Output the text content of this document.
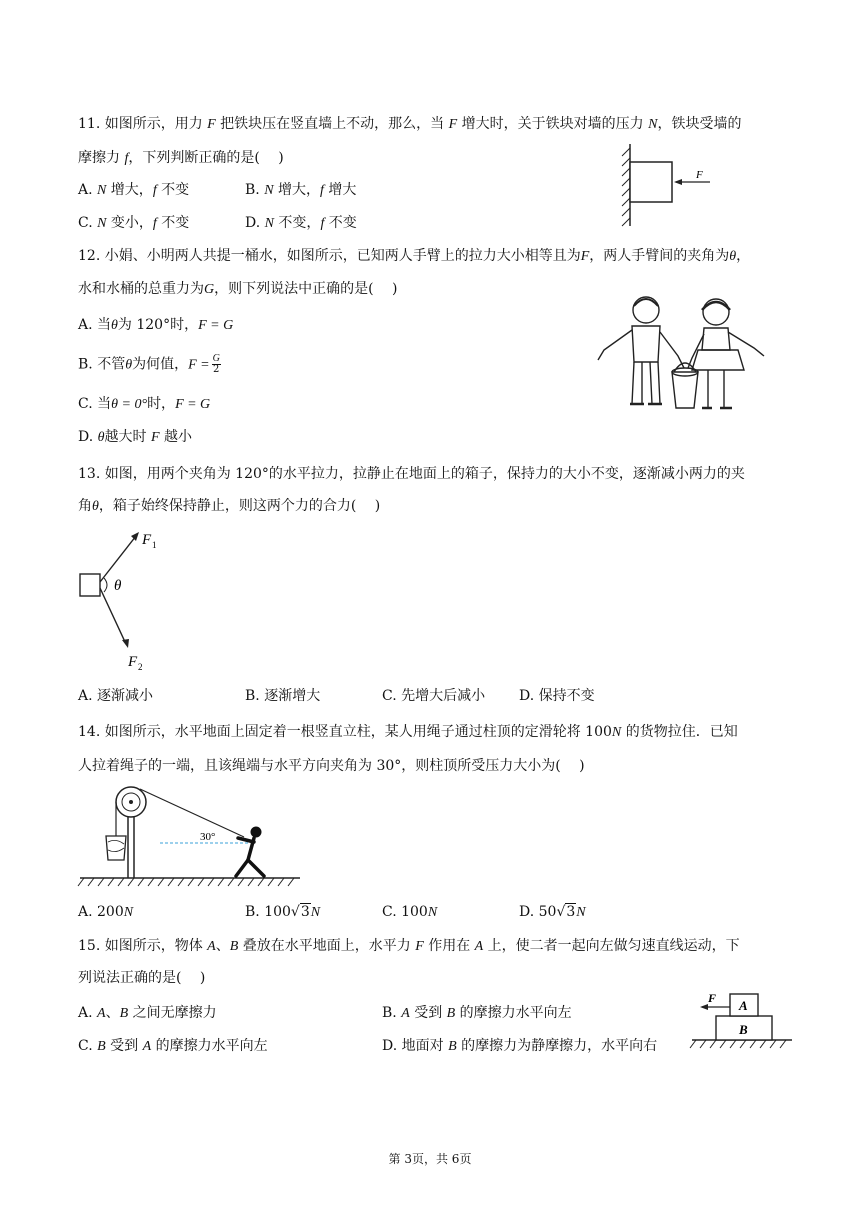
11. 如图所示，用力 F 把铁块压在竖直墙上不动，那么，当 F 增大时，关于铁块对墙的压力 N，铁块受墙的
摩擦力 f，下列判断正确的是(　 )
A. N 增大，f 不变	B. N 增大，f 增大
C. N 变小，f 不变	D. N 不变，f 不变
F
12. 小娟、小明两人共提一桶水，如图所示，已知两人手臂上的拉力大小相等且为F，两人手臂间的夹角为θ，
水和水桶的总重力为G，则下列说法中正确的是(　 )
A. 当θ为 120°时，F = G
B. 不管θ为何值，$F = \frac{G}{2}$
C. 当θ = 0°时，F = G
D. θ越大时 F 越小
13. 如图，用两个夹角为 120°的水平拉力，拉静止在地面上的箱子，保持力的大小不变，逐渐减小两力的夹
角θ，箱子始终保持静止，则这两个力的合力(　 )
θ
F 1
F 2
A. 逐渐减小	B. 逐渐增大	C. 先增大后减小 D. 保持不变
14. 如图所示，水平地面上固定着一根竖直立柱，某人用绳子通过柱顶的定滑轮将 100N 的货物拉住．已知
人拉着绳子的一端，且该绳端与水平方向夹角为 30°，则柱顶所受压力大小为(　 )
30°
A. 200N	B. 100√3N	C. 100N	D. 50√3N
15. 如图所示，物体 A、B 叠放在水平地面上，水平力 F 作用在 A 上，使二者一起向左做匀速直线运动，下
列说法正确的是(　 )
A. A、B 之间无摩擦力	B. A 受到 B 的摩擦力水平向左
C. B 受到 A 的摩擦力水平向左	D. 地面对 B 的摩擦力为静摩擦力，水平向右
F A
B
第 3页，共 6页
